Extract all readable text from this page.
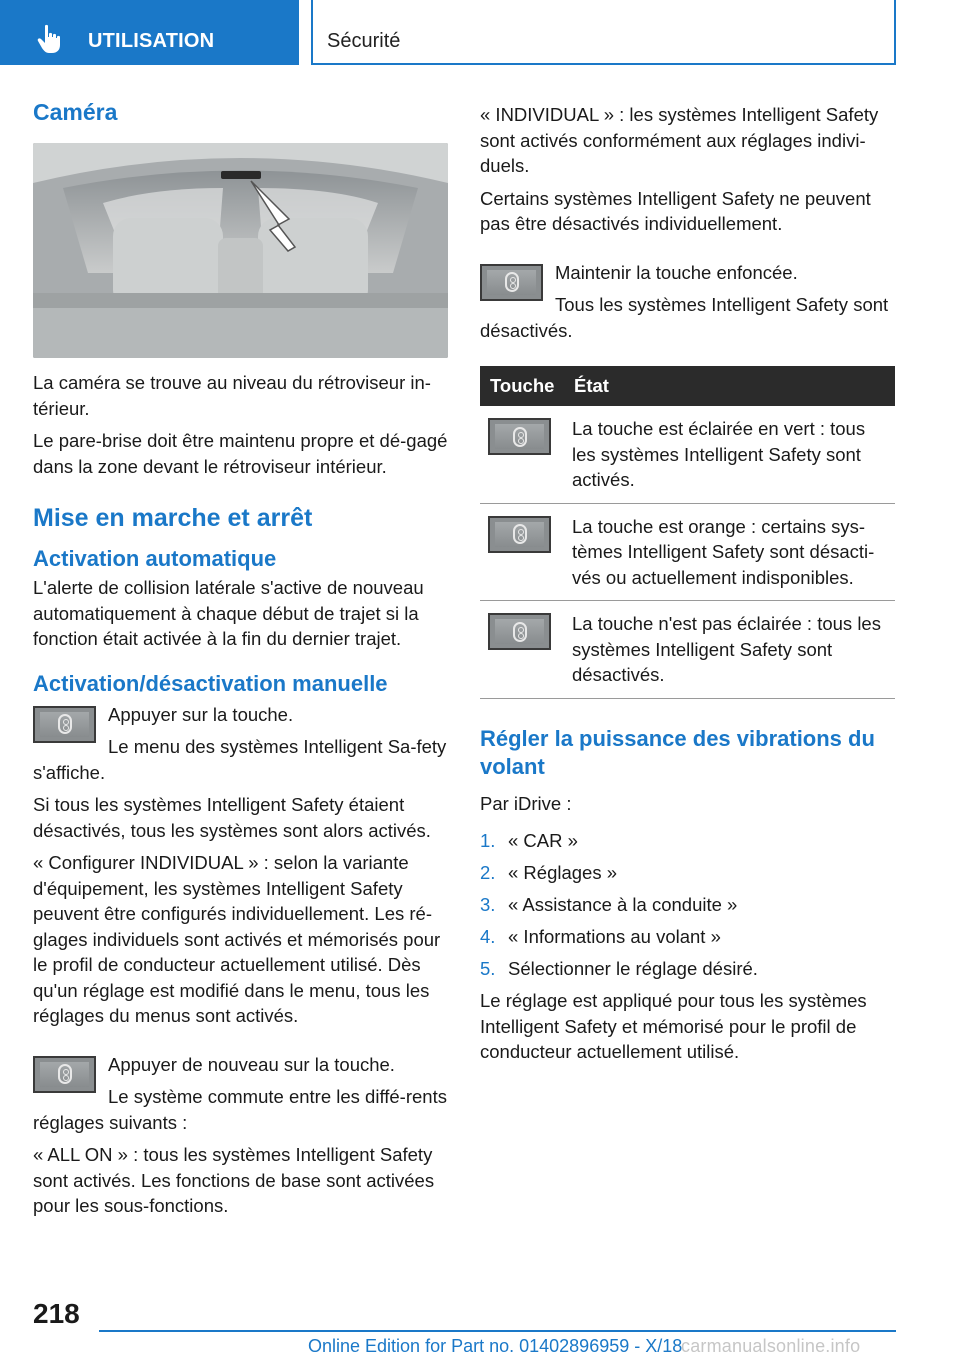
UTILISATION	Sécurité
Caméra

La caméra se trouve au niveau du rétroviseur in-térieur.

Le pare-brise doit être maintenu propre et dé-gagé dans la zone devant le rétroviseur intérieur.

Mise en marche et arrêt
Activation automatique

L'alerte de collision latérale s'active de nouveau automatiquement à chaque début de trajet si la fonction était activée à la fin du dernier trajet.

Activation/désactivation manuelle

Appuyer sur la touche.

Le menu des systèmes Intelligent Sa-fety s'affiche.

Si tous les systèmes Intelligent Safety étaient désactivés, tous les systèmes sont alors activés.

« Configurer INDIVIDUAL » : selon la variante d'équipement, les systèmes Intelligent Safety peuvent être configurés individuellement. Les ré-glages individuels sont activés et mémorisés pour le profil de conducteur actuellement utilisé. Dès qu'un réglage est modifié dans le menu, tous les réglages du menus sont activés.

Appuyer de nouveau sur la touche.

Le système commute entre les diffé-rents réglages suivants :

« ALL ON » : tous les systèmes Intelligent Safety sont activés. Les fonctions de base sont activées pour les sous-fonctions.

« INDIVIDUAL » : les systèmes Intelligent Safety sont activés conformément aux réglages indivi-duels.

Certains systèmes Intelligent Safety ne peuvent pas être désactivés individuellement.

Maintenir la touche enfoncée.

Tous les systèmes Intelligent Safety sont désactivés.

Touche	État

	La touche est éclairée en vert : tous les systèmes Intelligent Safety sont activés.

	La touche est orange : certains sys-tèmes Intelligent Safety sont désacti-vés ou actuellement indisponibles.

	La touche n'est pas éclairée : tous les systèmes Intelligent Safety sont désactivés.
Régler la puissance des vibrations du volant

Par iDrive :

1. « CAR »
2. « Réglages »
3. « Assistance à la conduite »
4. « Informations au volant »
5. Sélectionner le réglage désiré.

Le réglage est appliqué pour tous les systèmes Intelligent Safety et mémorisé pour le profil de conducteur actuellement utilisé.

218
Online Edition for Part no. 01402896959 - X/18
carmanualsonline.info
